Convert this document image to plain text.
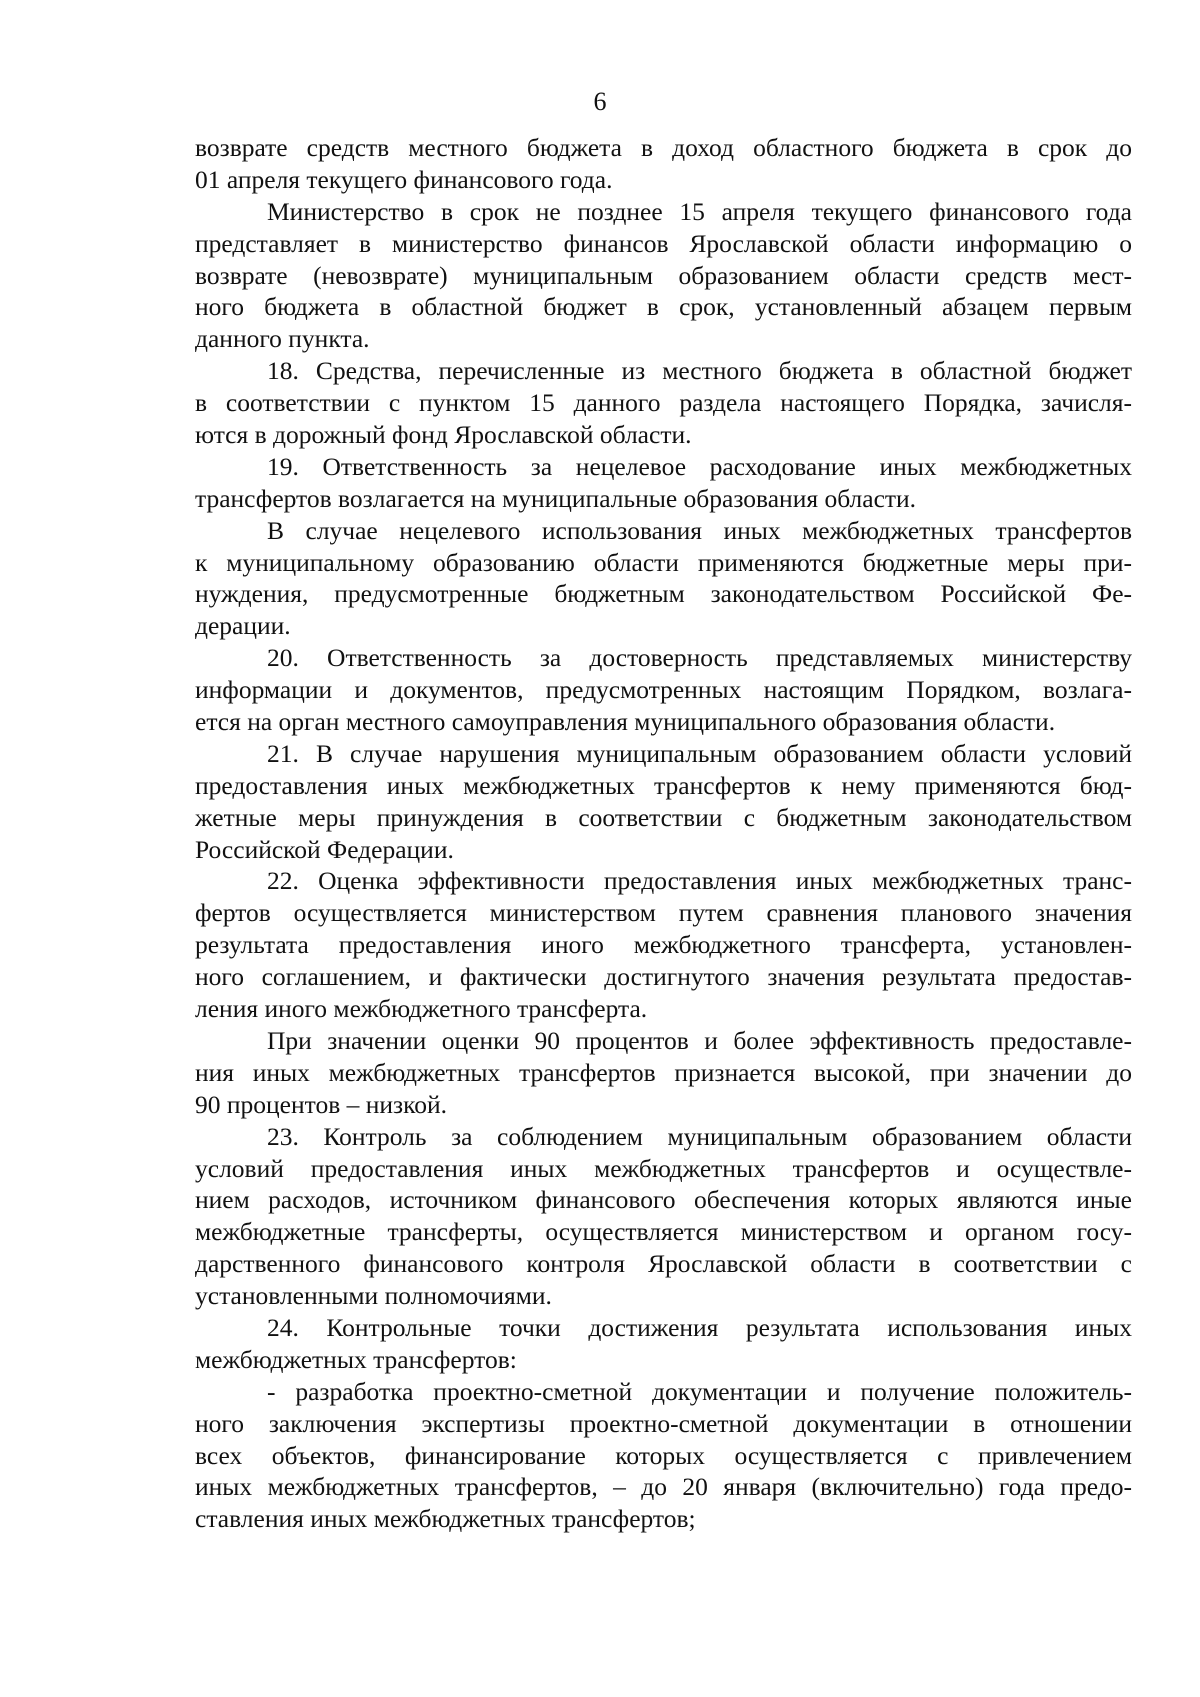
6
возврате средств местного бюджета в доход областного бюджета в срок до
01 апреля текущего финансового года.
Министерство в срок не позднее 15 апреля текущего финансового года
представляет в министерство финансов Ярославской области информацию о
возврате (невозврате) муниципальным образованием области средств мест-
ного бюджета в областной бюджет в срок, установленный абзацем первым
данного пункта.
18. Средства, перечисленные из местного бюджета в областной бюджет
в соответствии с пунктом 15 данного раздела настоящего Порядка, зачисля-
ются в дорожный фонд Ярославской области.
19. Ответственность за нецелевое расходование иных межбюджетных
трансфертов возлагается на муниципальные образования области.
В случае нецелевого использования иных межбюджетных трансфертов
к муниципальному образованию области применяются бюджетные меры при-
нуждения, предусмотренные бюджетным законодательством Российской Фе-
дерации.
20. Ответственность за достоверность представляемых министерству
информации и документов, предусмотренных настоящим Порядком, возлага-
ется на орган местного самоуправления муниципального образования области.
21. В случае нарушения муниципальным образованием области условий
предоставления иных межбюджетных трансфертов к нему применяются бюд-
жетные меры принуждения в соответствии с бюджетным законодательством
Российской Федерации.
22. Оценка эффективности предоставления иных межбюджетных транс-
фертов осуществляется министерством путем сравнения планового значения
результата предоставления иного межбюджетного трансферта, установлен-
ного соглашением, и фактически достигнутого значения результата предостав-
ления иного межбюджетного трансферта.
При значении оценки 90 процентов и более эффективность предоставле-
ния иных межбюджетных трансфертов признается высокой, при значении до
90 процентов – низкой.
23. Контроль за соблюдением муниципальным образованием области
условий предоставления иных межбюджетных трансфертов и осуществле-
нием расходов, источником финансового обеспечения которых являются иные
межбюджетные трансферты, осуществляется министерством и органом госу-
дарственного финансового контроля Ярославской области в соответствии с
установленными полномочиями.
24. Контрольные точки достижения результата использования иных
межбюджетных трансфертов:
- разработка проектно-сметной документации и получение положитель-
ного заключения экспертизы проектно-сметной документации в отношении
всех объектов, финансирование которых осуществляется с привлечением
иных межбюджетных трансфертов, – до 20 января (включительно) года предо-
ставления иных межбюджетных трансфертов;
